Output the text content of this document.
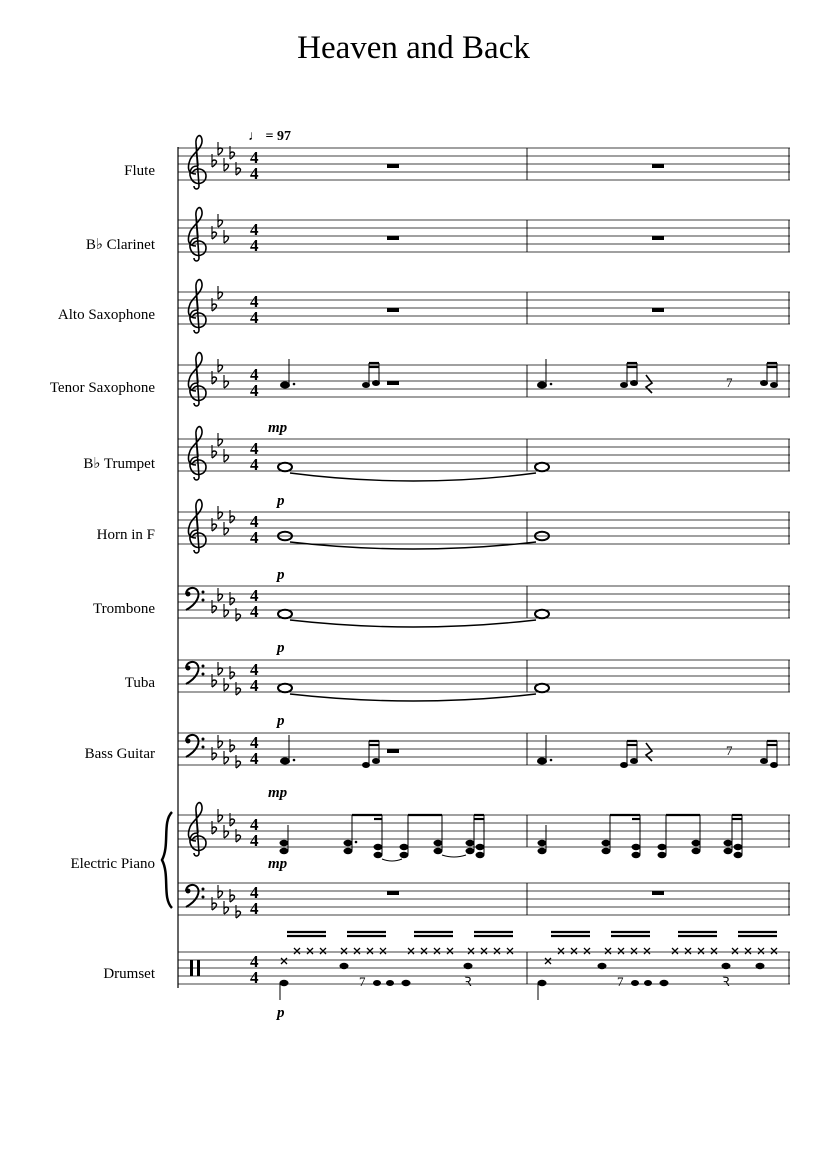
Heaven and Back
♩ = 97
Flute
B♭ Clarinet
Alto Saxophone
Tenor Saxophone
B♭ Trumpet
Horn in F
Trombone
Tuba
Bass Guitar
Electric Piano
Drumset
4
4
7
mp
p
p
p
p
7
mp
mp
7	Ꝛ	7	Ꝛ
p
